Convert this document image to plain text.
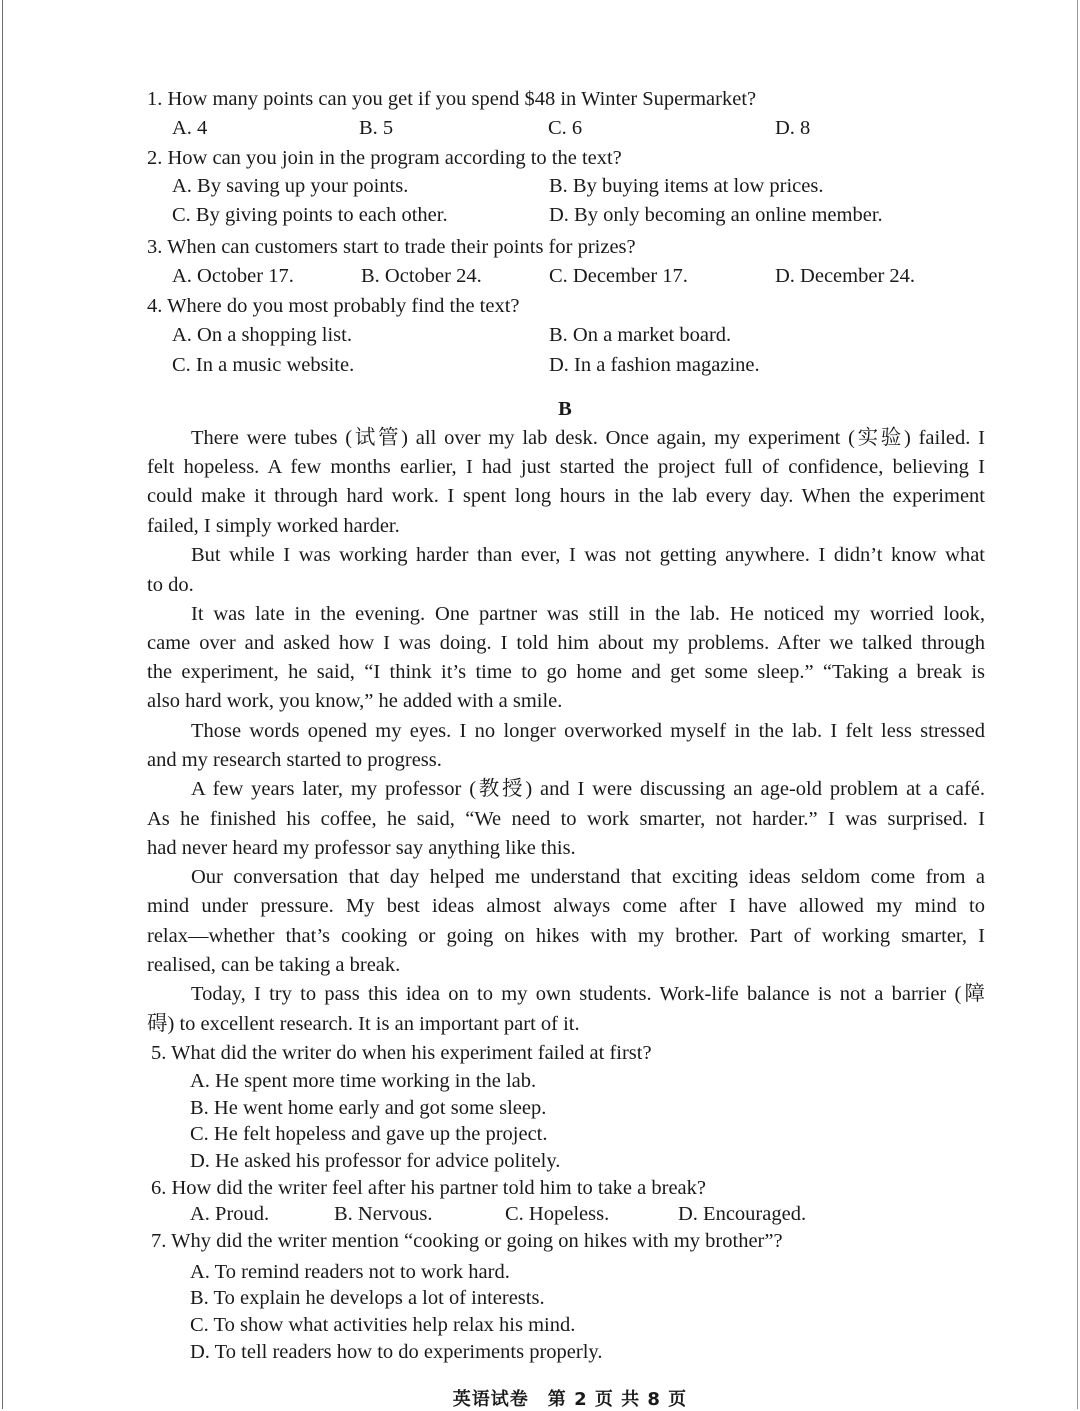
1. How many points can you get if you spend $48 in Winter Supermarket?
A. 4	B. 5	C. 6	D. 8
2. How can you join in the program according to the text?
A. By saving up your points.	B. By buying items at low prices.
C. By giving points to each other.	D. By only becoming an online member.
3. When can customers start to trade their points for prizes?
A. October 17.	B. October 24.	C. December 17.	D. December 24.
4. Where do you most probably find the text?
A. On a shopping list.	B. On a market board.
C. In a music website.	D. In a fashion magazine.
B
There were tubes (试管) all over my lab desk. Once again, my experiment (实验) failed. I
felt hopeless. A few months earlier, I had just started the project full of confidence, believing I
could make it through hard work. I spent long hours in the lab every day. When the experiment
failed, I simply worked harder.
But while I was working harder than ever, I was not getting anywhere. I didn’t know what
to do.
It was late in the evening. One partner was still in the lab. He noticed my worried look,
came over and asked how I was doing. I told him about my problems. After we talked through
the experiment, he said, “I think it’s time to go home and get some sleep.” “Taking a break is
also hard work, you know,” he added with a smile.
Those words opened my eyes. I no longer overworked myself in the lab. I felt less stressed
and my research started to progress.
A few years later, my professor (教授) and I were discussing an age-old problem at a café.
As he finished his coffee, he said, “We need to work smarter, not harder.” I was surprised. I
had never heard my professor say anything like this.
Our conversation that day helped me understand that exciting ideas seldom come from a
mind under pressure. My best ideas almost always come after I have allowed my mind to
relax—whether that’s cooking or going on hikes with my brother. Part of working smarter, I
realised, can be taking a break.
Today, I try to pass this idea on to my own students. Work-life balance is not a barrier (障
碍) to excellent research. It is an important part of it.
5. What did the writer do when his experiment failed at first?
A. He spent more time working in the lab.
B. He went home early and got some sleep.
C. He felt hopeless and gave up the project.
D. He asked his professor for advice politely.
6. How did the writer feel after his partner told him to take a break?
A. Proud.	B. Nervous.	C. Hopeless.	D. Encouraged.
7. Why did the writer mention “cooking or going on hikes with my brother”?
A. To remind readers not to work hard.
B. To explain he develops a lot of interests.
C. To show what activities help relax his mind.
D. To tell readers how to do experiments properly.
英语试卷　第 2 页 共 8 页
